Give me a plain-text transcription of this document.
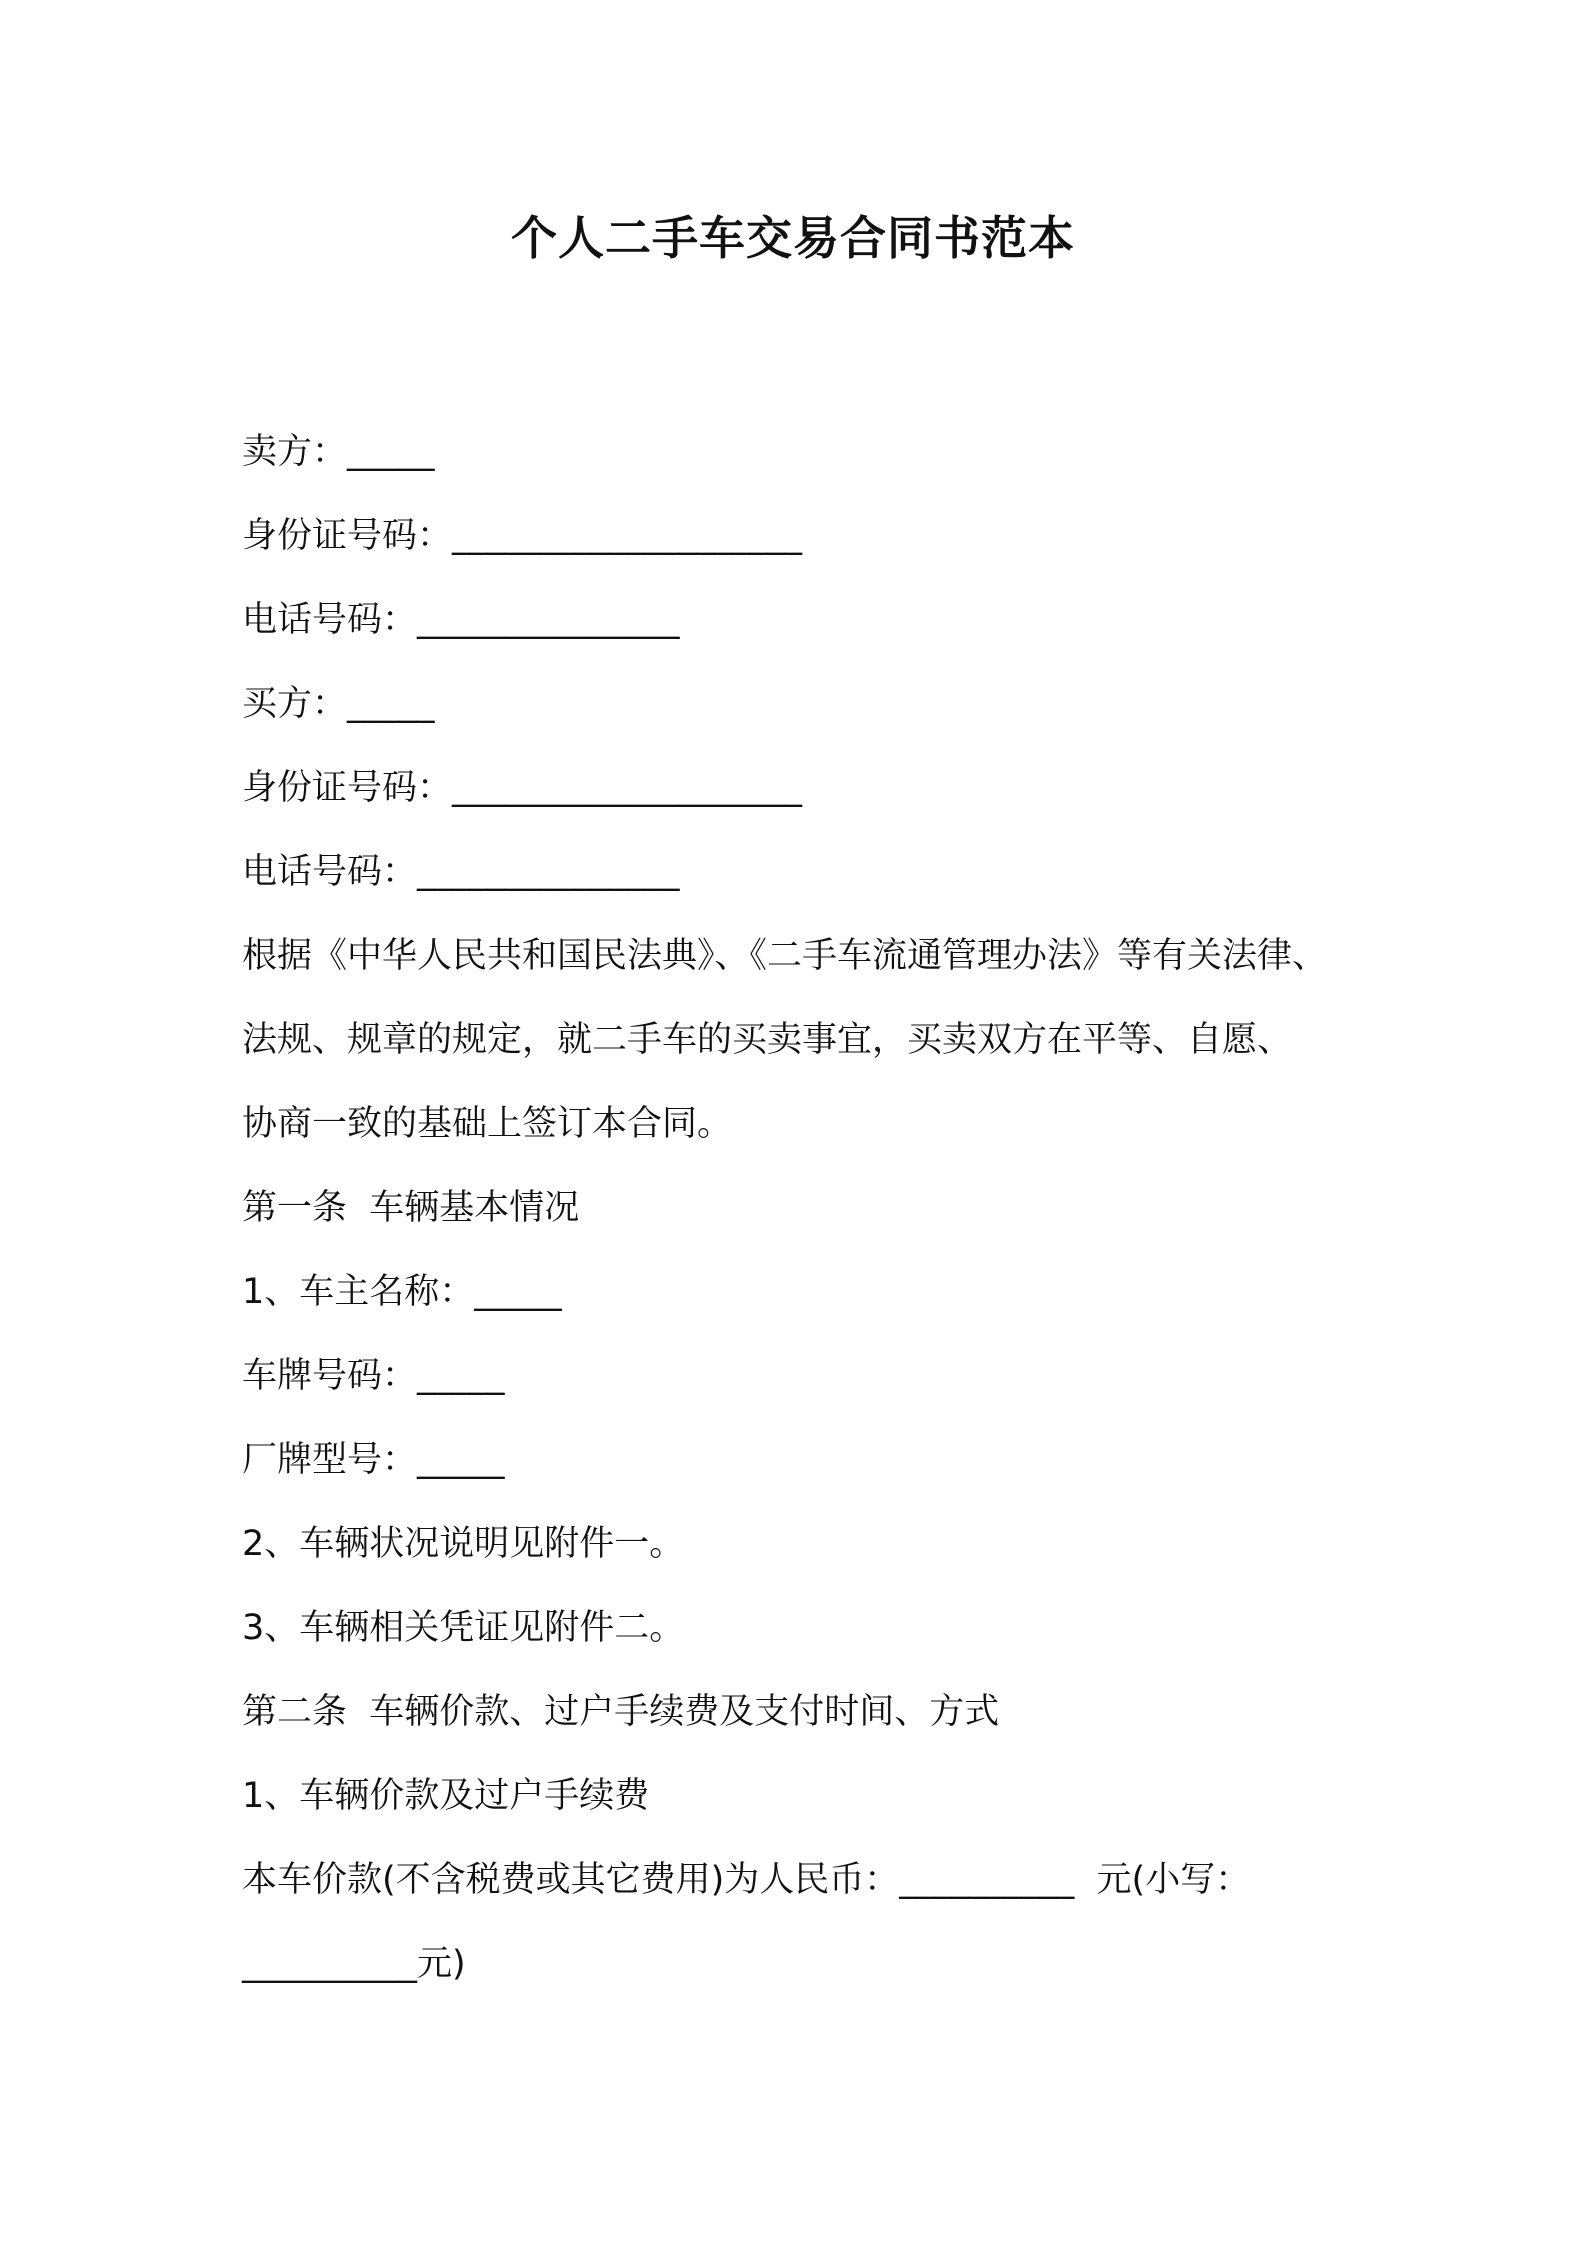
个人二手车交易合同书范本

卖方：_____

身份证号码：____________________

电话号码：_______________

买方：_____

身份证号码：____________________

电话号码：_______________

根据《中华人民共和国民法典》、《二手车流通管理办法》等有关法律、

法规、规章的规定，就二手车的买卖事宜，买卖双方在平等、自愿、

协商一致的基础上签订本合同。

第一条  车辆基本情况

1、车主名称：_____

车牌号码：_____

厂牌型号：_____

2、车辆状况说明见附件一。

3、车辆相关凭证见附件二。

第二条  车辆价款、过户手续费及支付时间、方式

1、车辆价款及过户手续费

本车价款(不含税费或其它费用)为人民币：__________  元(小写：

__________元)
